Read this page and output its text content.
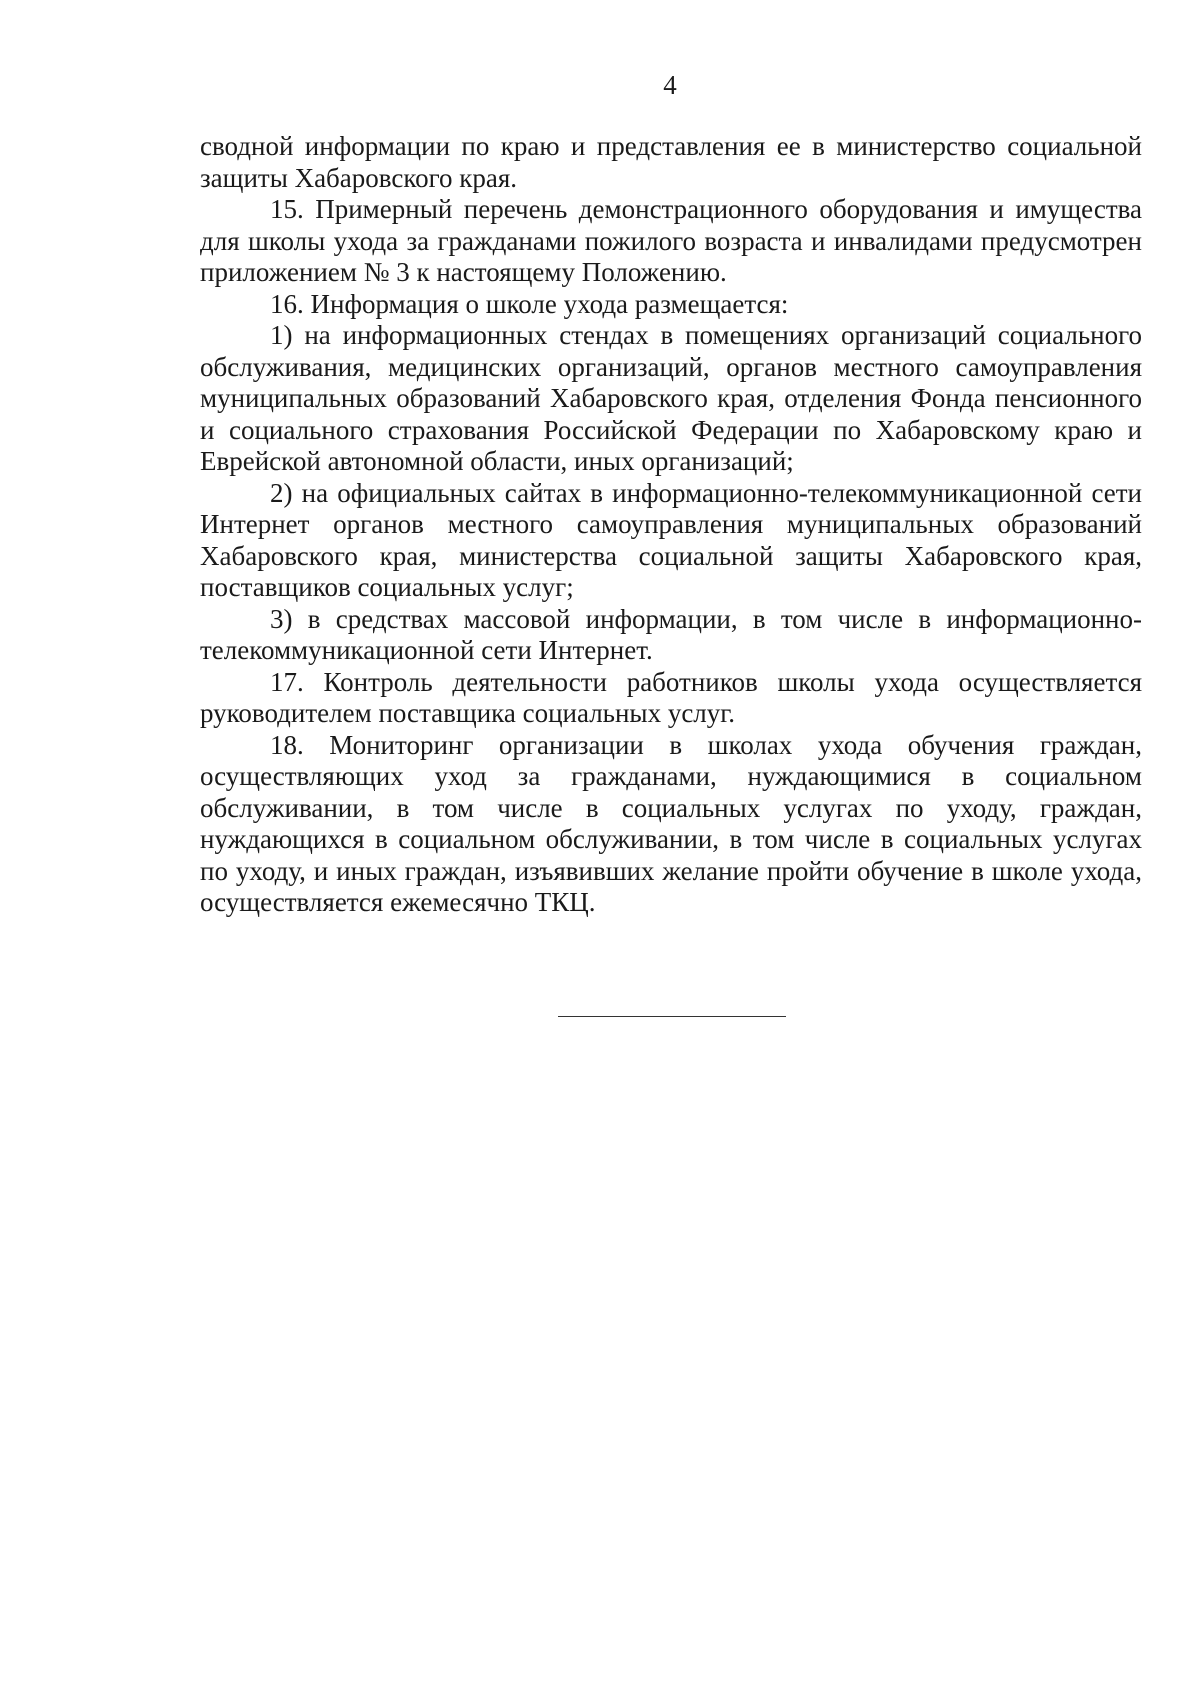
4

сводной информации по краю и представления ее в министерство социальной защиты Хабаровского края.

15. Примерный перечень демонстрационного оборудования и имущества для школы ухода за гражданами пожилого возраста и инвалидами предусмотрен приложением № 3 к настоящему Положению.

16. Информация о школе ухода размещается:

1) на информационных стендах в помещениях организаций социального обслуживания, медицинских организаций, органов местного самоуправления муниципальных образований Хабаровского края, отделения Фонда пенсионного и социального страхования Российской Федерации по Хабаровскому краю и Еврейской автономной области, иных организаций;

2) на официальных сайтах в информационно-телекоммуникационной сети Интернет органов местного самоуправления муниципальных образований Хабаровского края, министерства социальной защиты Хабаровского края, поставщиков социальных услуг;

3) в средствах массовой информации, в том числе в информационно-телекоммуникационной сети Интернет.

17. Контроль деятельности работников школы ухода осуществляется руководителем поставщика социальных услуг.

18. Мониторинг организации в школах ухода обучения граждан, осуществляющих уход за гражданами, нуждающимися в социальном обслуживании, в том числе в социальных услугах по уходу, граждан, нуждающихся в социальном обслуживании, в том числе в социальных услугах по уходу, и иных граждан, изъявивших желание пройти обучение в школе ухода, осуществляется ежемесячно ТКЦ.
